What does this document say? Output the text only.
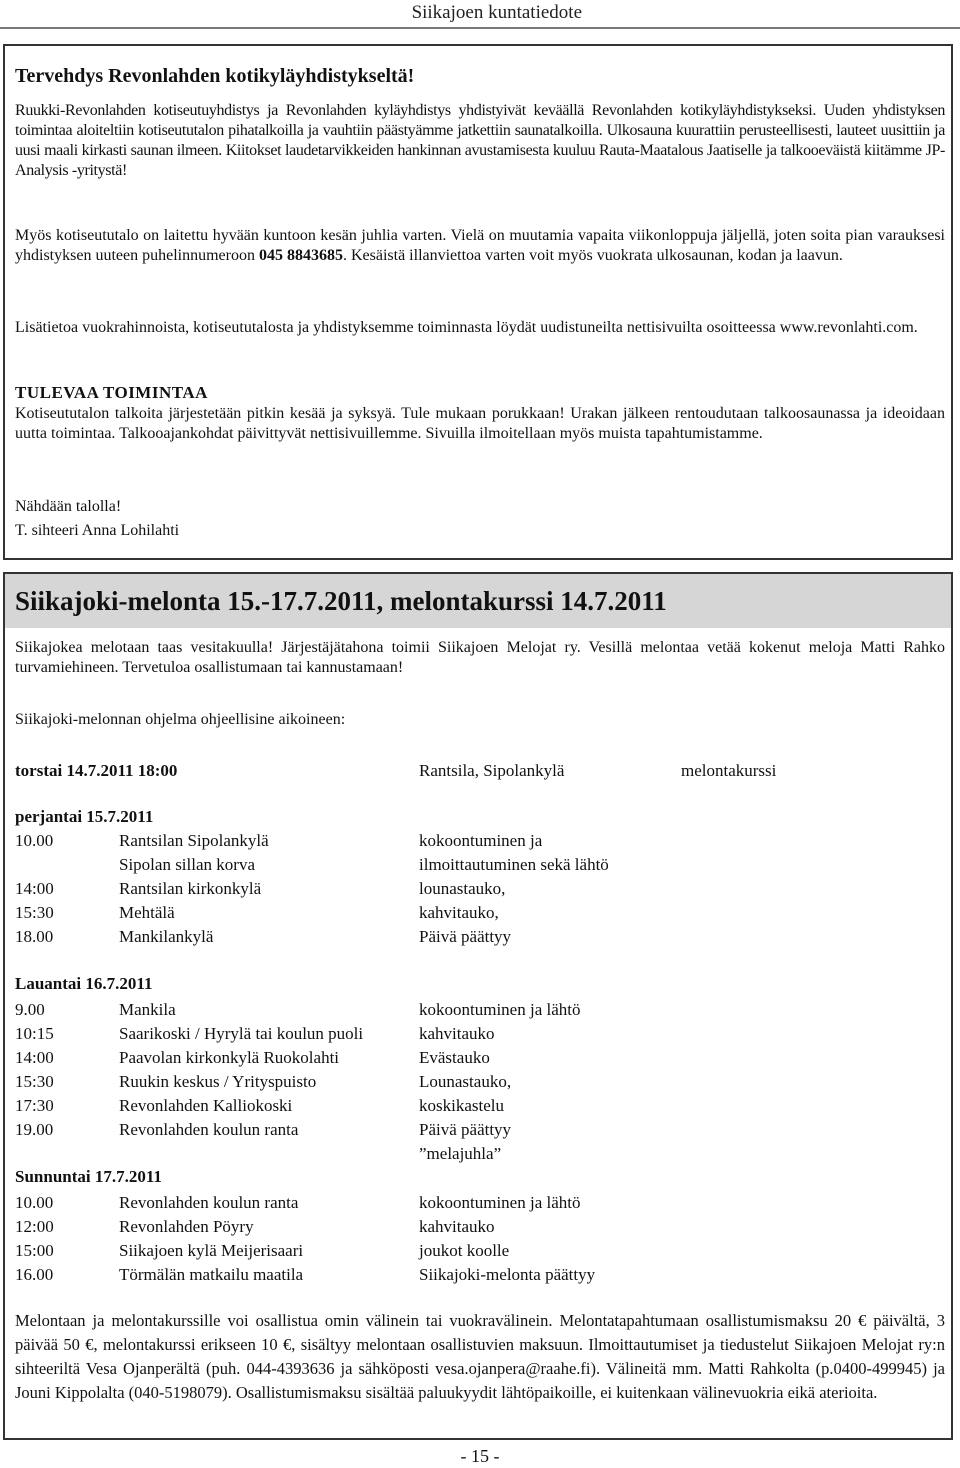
Siikajoen kuntatiedote
Tervehdys Revonlahden kotikyläyhdistykseltä!

Ruukki-Revonlahden kotiseutuyhdistys ja Revonlahden kyläyhdistys yhdistyivät keväällä Revonlahden kotikyläyhdistykseksi. Uuden yhdistyksen toimintaa aloiteltiin kotiseututalon pihatalkoilla ja vauhtiin päästyämme jatkettiin saunatalkoilla. Ulkosauna kuurattiin perusteellisesti, lauteet uusittiin ja uusi maali kirkasti saunan ilmeen. Kiitokset laudetarvikkeiden hankinnan avustamisesta kuuluu Rauta-Maatalous Jaatiselle ja talkooeväistä kiitämme JP-Analysis -yritystä!

Myös kotiseututalo on laitettu hyvään kuntoon kesän juhlia varten. Vielä on muutamia vapaita viikonloppuja jäljellä, joten soita pian varauksesi yhdistyksen uuteen puhelinnumeroon 045 8843685. Kesäistä illanviettoa varten voit myös vuokrata ulkosaunan, kodan ja laavun.

Lisätietoa vuokrahinnoista, kotiseututalosta ja yhdistyksemme toiminnasta löydät uudistuneilta nettisivuilta osoitteessa www.revonlahti.com.

TULEVAA TOIMINTAA

Kotiseututalon talkoita järjestetään pitkin kesää ja syksyä. Tule mukaan porukkaan! Urakan jälkeen rentoudutaan talkoosaunassa ja ideoidaan uutta toimintaa. Talkooajankohdat päivittyvät nettisivuillemme. Sivuilla ilmoitellaan myös muista tapahtumistamme.

Nähdään talolla!

T. sihteeri Anna Lohilahti

Siikajoki-melonta 15.-17.7.2011, melontakurssi 14.7.2011

Siikajokea melotaan taas vesitakuulla! Järjestäjätahona toimii Siikajoen Melojat ry. Vesillä melontaa vetää kokenut meloja Matti Rahko turvamiehineen. Tervetuloa osallistumaan tai kannustamaan!

Siikajoki-melonnan ohjelma ohjeellisine aikoineen:

torstai 14.7.2011 18:00	Rantsila, Sipolankylä	melontakurssi
perjantai 15.7.2011
10.00	Rantsilan Sipolankylä	kokoontuminen ja
Sipolan sillan korva	ilmoittautuminen sekä lähtö
14:00	Rantsilan kirkonkylä	lounastauko,
15:30	Mehtälä	kahvitauko,
18.00	Mankilankylä	Päivä päättyy
Lauantai 16.7.2011
9.00	Mankila	kokoontuminen ja lähtö
10:15	Saarikoski / Hyrylä tai koulun puoli	kahvitauko
14:00	Paavolan kirkonkylä Ruokolahti	Evästauko
15:30	Ruukin keskus / Yrityspuisto	Lounastauko,
17:30	Revonlahden Kalliokoski	koskikastelu
19.00	Revonlahden koulun ranta	Päivä päättyy
”melajuhla”
Sunnuntai 17.7.2011
10.00	Revonlahden koulun ranta	kokoontuminen ja lähtö
12:00	Revonlahden Pöyry	kahvitauko
15:00	Siikajoen kylä Meijerisaari	joukot koolle
16.00	Törmälän matkailu maatila	Siikajoki-melonta päättyy

Melontaan ja melontakurssille voi osallistua omin välinein tai vuokravälinein. Melontatapahtumaan osallistumismaksu 20 € päivältä, 3 päivää 50 €, melontakurssi erikseen 10 €, sisältyy melontaan osallistuvien maksuun. Ilmoittautumiset ja tiedustelut Siikajoen Melojat ry:n sihteeriltä Vesa Ojanperältä (puh. 044-4393636 ja sähköposti vesa.ojanpera@raahe.fi). Välineitä mm. Matti Rahkolta (p.0400-499945) ja Jouni Kippolalta (040-5198079). Osallistumismaksu sisältää paluukyydit lähtöpaikoille, ei kuitenkaan välinevuokria eikä aterioita.

- 15 -
